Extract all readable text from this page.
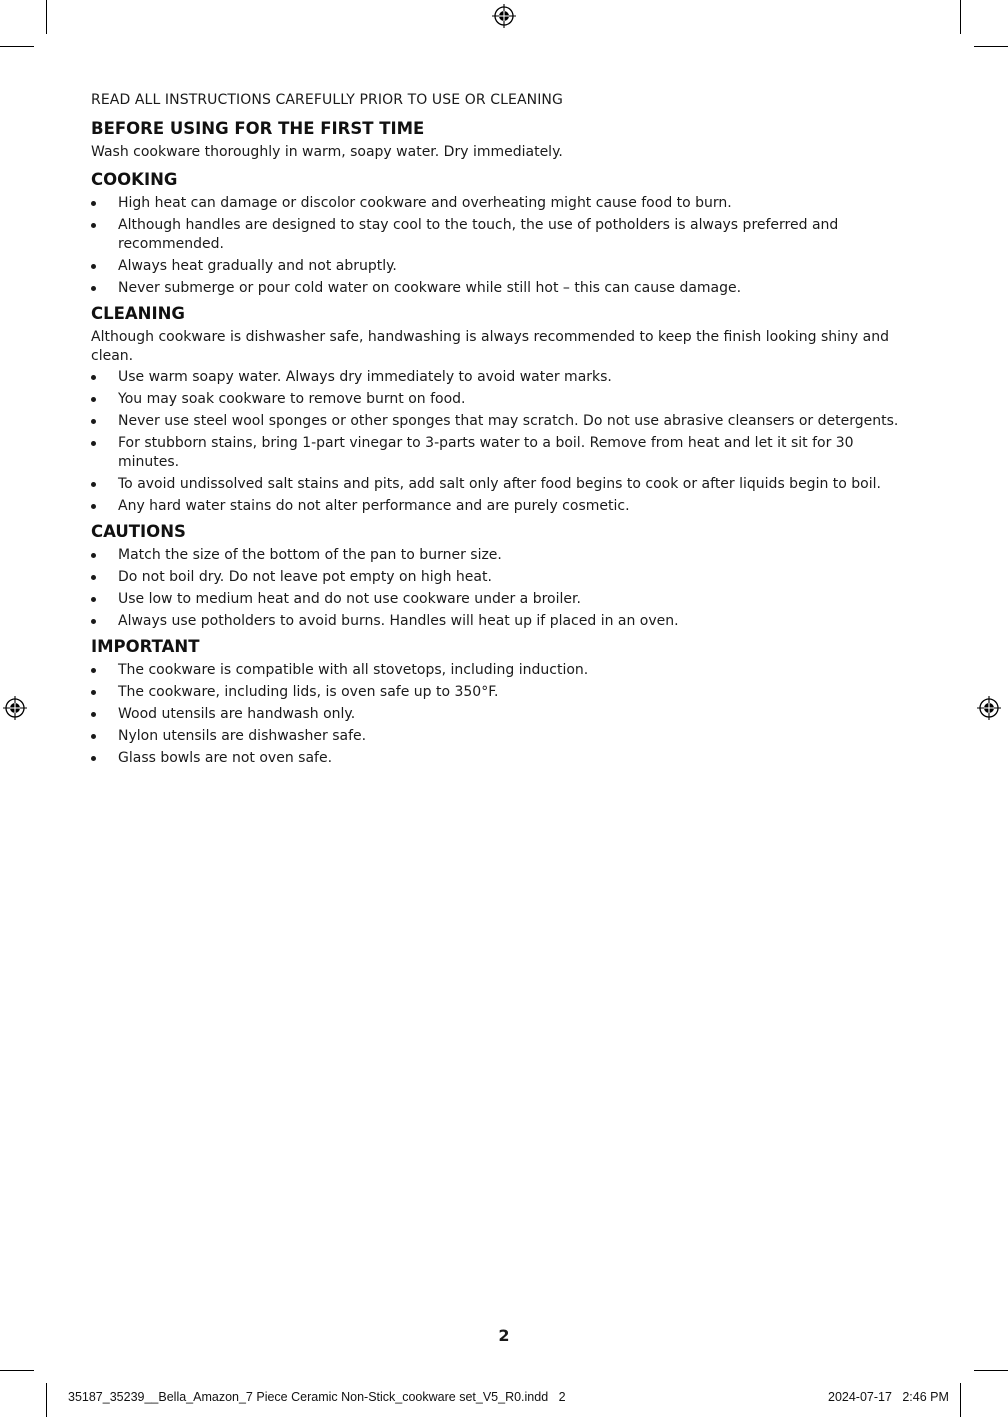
READ ALL INSTRUCTIONS CAREFULLY PRIOR TO USE OR CLEANING
BEFORE USING FOR THE FIRST TIME

Wash cookware thoroughly in warm, soapy water. Dry immediately.

COOKING
High heat can damage or discolor cookware and overheating might cause food to burn.
Although handles are designed to stay cool to the touch, the use of potholders is always preferred and recommended.
Always heat gradually and not abruptly.
Never submerge or pour cold water on cookware while still hot – this can cause damage.
CLEANING

Although cookware is dishwasher safe, handwashing is always recommended to keep the finish looking shiny and clean.

Use warm soapy water. Always dry immediately to avoid water marks.
You may soak cookware to remove burnt on food.
Never use steel wool sponges or other sponges that may scratch. Do not use abrasive cleansers or detergents.
For stubborn stains, bring 1-part vinegar to 3-parts water to a boil. Remove from heat and let it sit for 30 minutes.
To avoid undissolved salt stains and pits, add salt only after food begins to cook or after liquids begin to boil.
Any hard water stains do not alter performance and are purely cosmetic.
CAUTIONS
Match the size of the bottom of the pan to burner size.
Do not boil dry. Do not leave pot empty on high heat.
Use low to medium heat and do not use cookware under a broiler.
Always use potholders to avoid burns. Handles will heat up if placed in an oven.
IMPORTANT
The cookware is compatible with all stovetops, including induction.
The cookware, including lids, is oven safe up to 350°F.
Wood utensils are handwash only.
Nylon utensils are dishwasher safe.
Glass bowls are not oven safe.
2
35187_35239__Bella_Amazon_7 Piece Ceramic Non-Stick_cookware set_V5_R0.indd   2	2024-07-17   2:46 PM
